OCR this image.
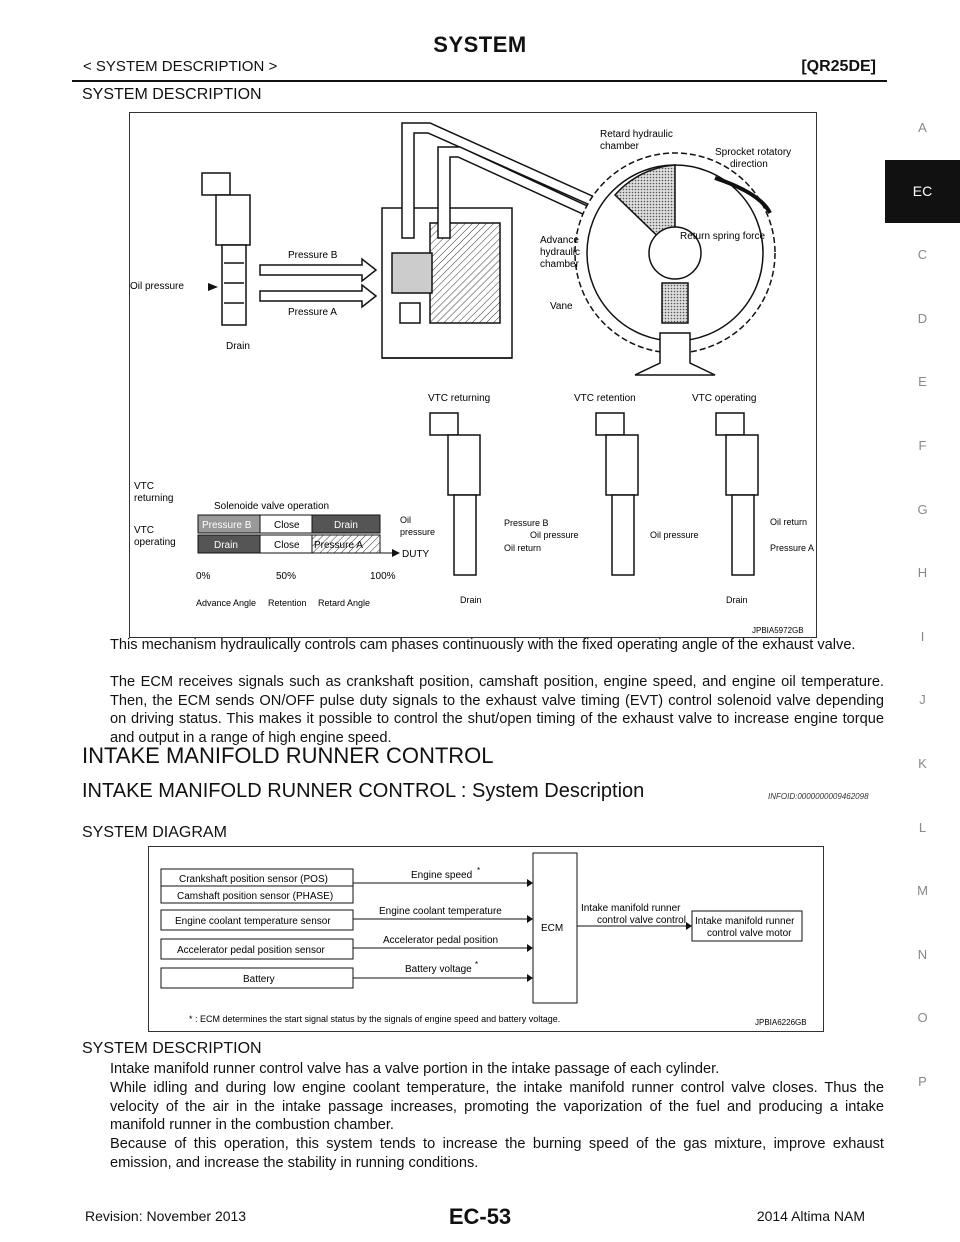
SYSTEM
< SYSTEM DESCRIPTION >	[QR25DE]
A
EC
C
D
E
F
G
H
I
J
K
L
M
N
O
P
SYSTEM DESCRIPTION
Oil pressure
Drain
Pressure B
Pressure A
Retard hydraulic
chamber
Sprocket rotatory
direction
Return spring force
Advance
hydraulic
chamber
Vane
VTC returning	VTC retention	VTC operating
Oil
pressure
Pressure B
Oil return
Oil pressure	Oil pressure
Oil return
Pressure A
Drain	Drain
Solenoide valve operation
VTC
returning
VTC
operating
Pressure B Close	Drain
Drain	Close Pressure A
DUTY
0%	50%	100%
Advance Angle Retention Retard Angle
JPBIA5972GB
This mechanism hydraulically controls cam phases continuously with the fixed operating angle of the exhaust valve.
The ECM receives signals such as crankshaft position, camshaft position, engine speed, and engine oil temperature. Then, the ECM sends ON/OFF pulse duty signals to the exhaust valve timing (EVT) control solenoid valve depending on driving status. This makes it possible to control the shut/open timing of the exhaust valve to increase engine torque and output in a range of high engine speed.
INTAKE MANIFOLD RUNNER CONTROL
INTAKE MANIFOLD RUNNER CONTROL : System Description	INFOID:0000000009462098
SYSTEM DIAGRAM
Crankshaft position sensor (POS)
Camshaft position sensor (PHASE)
Engine coolant temperature sensor
Accelerator pedal position sensor
Battery
Engine speed *
Engine coolant temperature
Accelerator pedal position
Battery voltage *
ECM
Intake manifold runner
control valve control Intake manifold runner
control valve motor
* : ECM determines the start signal status by the signals of engine speed and battery voltage.	JPBIA6226GB
SYSTEM DESCRIPTION
Intake manifold runner control valve has a valve portion in the intake passage of each cylinder.
While idling and during low engine coolant temperature, the intake manifold runner control valve closes. Thus the velocity of the air in the intake passage increases, promoting the vaporization of the fuel and producing a intake manifold runner in the combustion chamber.
Because of this operation, this system tends to increase the burning speed of the gas mixture, improve exhaust emission, and increase the stability in running conditions.
Revision: November 2013	EC-53	2014 Altima NAM
